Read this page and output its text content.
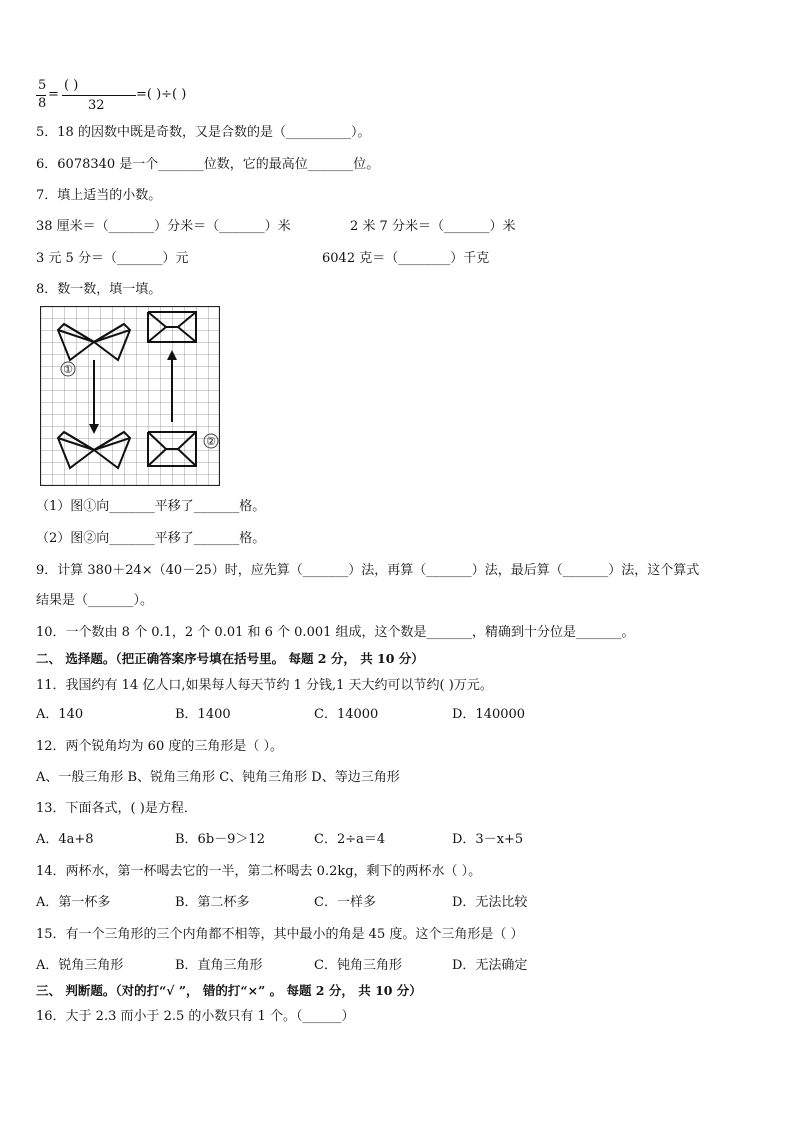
5
8
=
( )
32
=( )÷( )
5．18 的因数中既是奇数，又是合数的是（__________）。
6．6078340 是一个_______位数，它的最高位_______位。
7．填上适当的小数。
38 厘米＝（_______）分米＝（_______）米	2 米 7 分米＝（_______）米
3 元 5 分＝（_______）元	6042 克＝（________）千克
8．数一数，填一填。
①
②
（1）图①向_______平移了_______格。
（2）图②向_______平移了_______格。
9．计算 380＋24×（40－25）时，应先算（_______）法，再算（_______）法，最后算（_______）法，这个算式
结果是（_______）。
10．一个数由 8 个 0.1，2 个 0.01 和 6 个 0.001 组成，这个数是_______，精确到十分位是_______。
二、 选择题。（把正确答案序号填在括号里。 每题 2 分， 共 10 分）
11．我国约有 14 亿人口,如果每人每天节约 1 分钱,1 天大约可以节约( )万元。
A．140	B．1400	C．14000	D．140000
12．两个锐角均为 60 度的三角形是（ ）。
A、一般三角形 B、锐角三角形 C、钝角三角形 D、等边三角形
13．下面各式，( )是方程．
A．4a+8	B．6b－9＞12	C．2÷a＝4	D．3－x+5
14．两杯水，第一杯喝去它的一半，第二杯喝去 0.2kg，剩下的两杯水（ ）。
A．第一杯多	B．第二杯多	C．一样多	D．无法比较
15．有一个三角形的三个内角都不相等，其中最小的角是 45 度。这个三角形是（ ）
A．锐角三角形	B．直角三角形	C．钝角三角形	D．无法确定
三、 判断题。（对的打“√ ”， 错的打“×” 。 每题 2 分， 共 10 分）
16．大于 2.3 而小于 2.5 的小数只有 1 个。（______）
